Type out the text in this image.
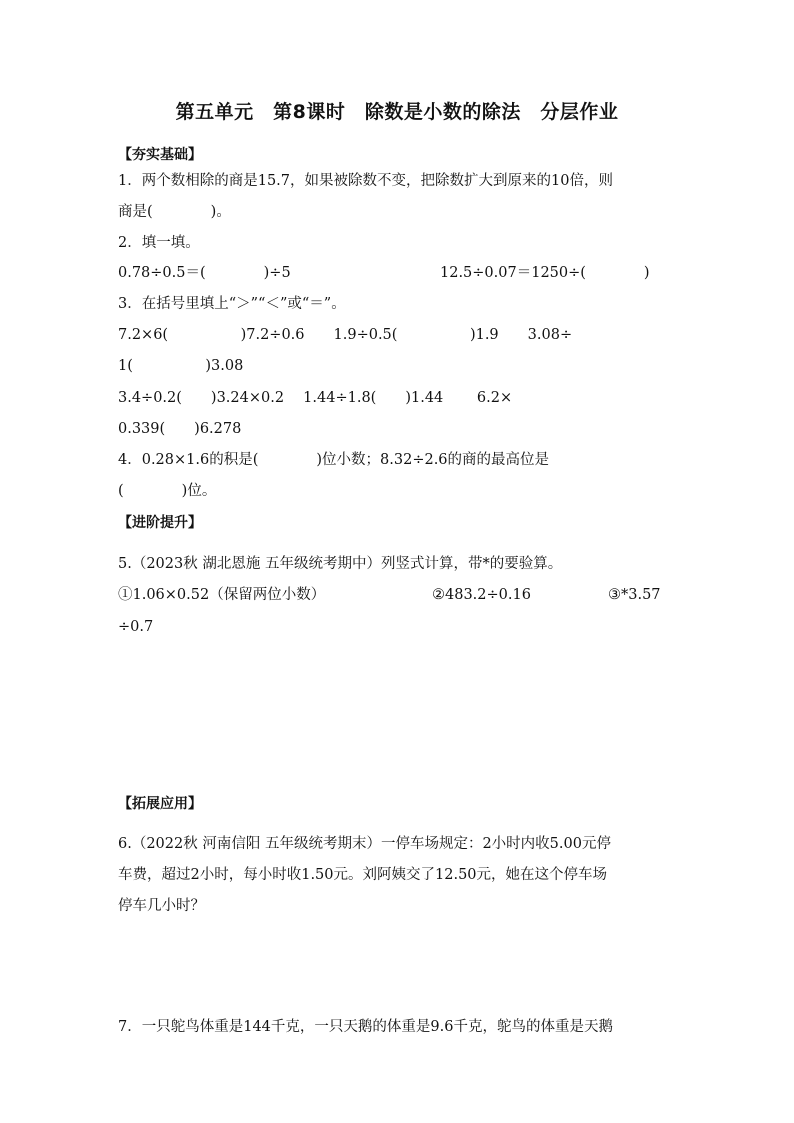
第五单元　第8课时　除数是小数的除法　分层作业
【夯实基础】
1．两个数相除的商是15.7，如果被除数不变，把除数扩大到原来的10倍，则
商是(　　　　)。
2．填一填。
0.78÷0.5＝(　　　　)÷5	12.5÷0.07＝1250÷(　　　　)
3．在括号里填上“＞”“＜”或“＝”。
7.2×6(　　　　　)7.2÷0.6　　1.9÷0.5(　　　　　)1.9　　3.08÷
1(　　　　　)3.08
3.4÷0.2(　　)3.24×0.2　 1.44÷1.8(　　)1.44　　 6.2×
0.339(　　)6.278
4．0.28×1.6的积是(　　　　)位小数；8.32÷2.6的商的最高位是
(　　　　)位。
【进阶提升】
5.（2023秋 湖北恩施 五年级统考期中）列竖式计算，带*的要验算。
①1.06×0.52（保留两位小数）	②483.2÷0.16	③*3.57
÷0.7
【拓展应用】
6.（2022秋 河南信阳 五年级统考期末）一停车场规定：2小时内收5.00元停
车费，超过2小时，每小时收1.50元。刘阿姨交了12.50元，她在这个停车场
停车几小时？
7．一只鸵鸟体重是144千克，一只天鹅的体重是9.6千克，鸵鸟的体重是天鹅
